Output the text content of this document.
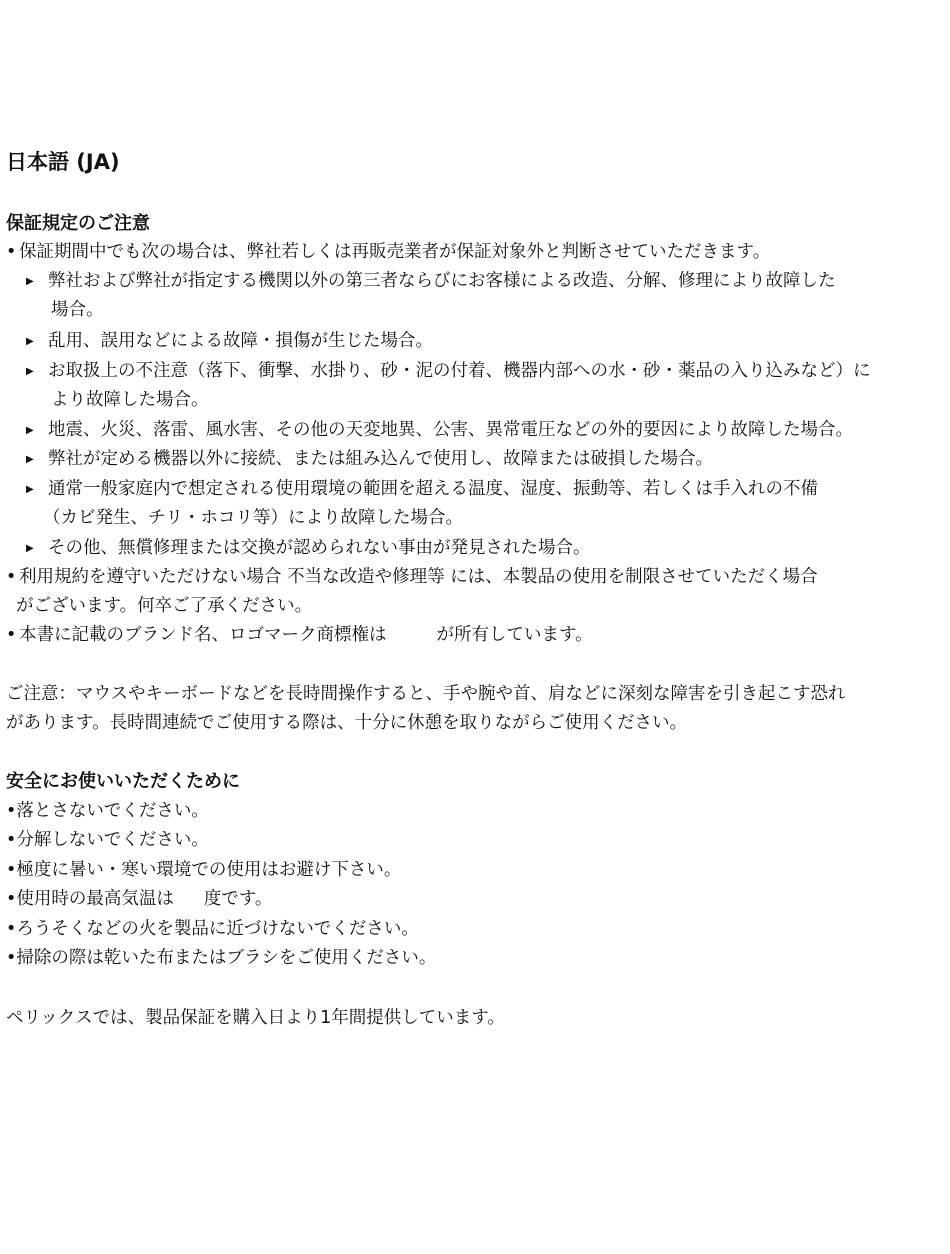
日本語 (JA)
保証規定のご注意

• 保証期間中でも次の場合は、弊社若しくは再販売業者が保証対象外と判断させていただきます。

▶ 弊社および弊社が指定する機関以外の第三者ならびにお客様による改造、分解、修理により故障した

場合。

▶ 乱用、誤用などによる故障・損傷が生じた場合。

▶ お取扱上の不注意（落下、衝撃、水掛り、砂・泥の付着、機器内部への水・砂・薬品の入り込みなど）に

より故障した場合。

▶ 地震、火災、落雷、風水害、その他の天変地異、公害、異常電圧などの外的要因により故障した場合。

▶ 弊社が定める機器以外に接続、または組み込んで使用し、故障または破損した場合。

▶ 通常一般家庭内で想定される使用環境の範囲を超える温度、湿度、振動等、若しくは手入れの不備

（カビ発生、チリ・ホコリ等）により故障した場合。

▶ その他、無償修理または交換が認められない事由が発見された場合。

• 利用規約を遵守いただけない場合 不当な改造や修理等 には、本製品の使用を制限させていただく場合

がございます。何卒ご了承ください。

• 本書に記載のブランド名、ロゴマーク商標権は	が所有しています。

ご注意：マウスやキーボードなどを長時間操作すると、手や腕や首、肩などに深刻な障害を引き起こす恐れ

があります。長時間連続でご使用する際は、十分に休憩を取りながらご使用ください。

安全にお使いいただくために

•落とさないでください。

•分解しないでください。

•極度に暑い・寒い環境での使用はお避け下さい。

•使用時の最高気温は 度です。

•ろうそくなどの火を製品に近づけないでください。

•掃除の際は乾いた布またはブラシをご使用ください。

ペリックスでは、製品保証を購入日より1年間提供しています。
